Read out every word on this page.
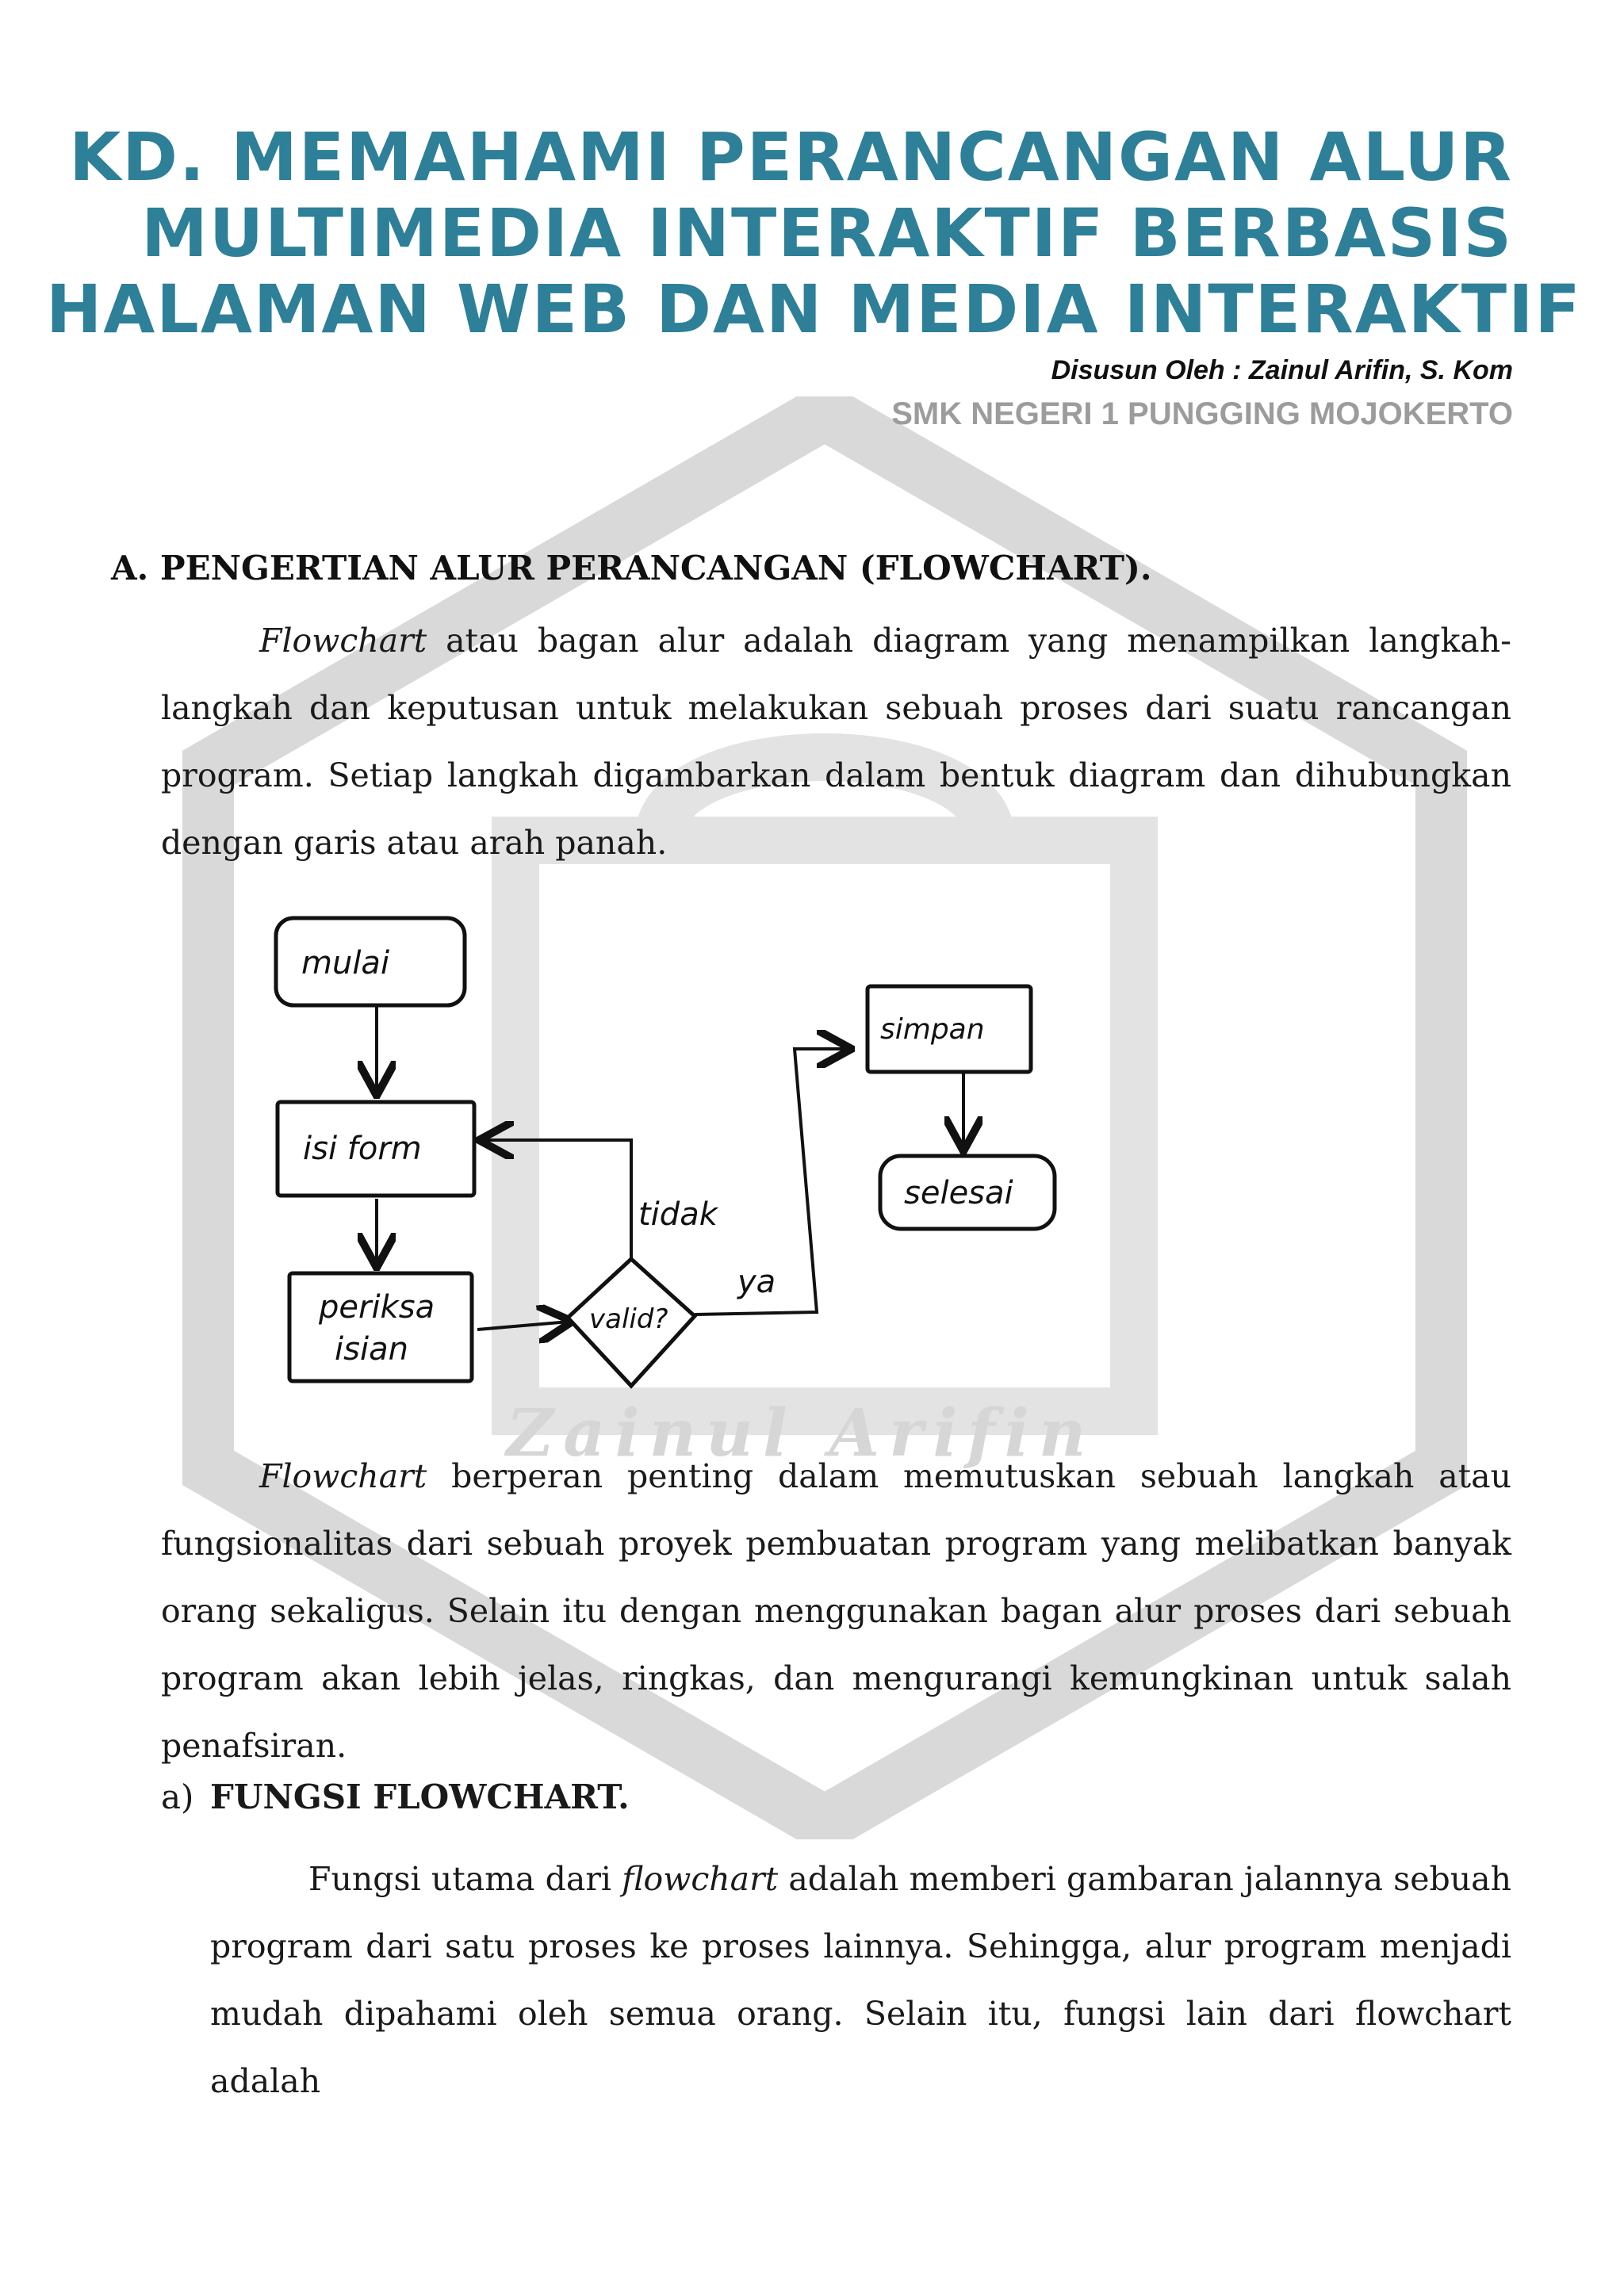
Zainul Arifin
KD. MEMAHAMI PERANCANGAN ALUR
MULTIMEDIA INTERAKTIF BERBASIS
HALAMAN WEB DAN MEDIA INTERAKTIF
Disusun Oleh : Zainul Arifin, S. Kom
SMK NEGERI 1 PUNGGING MOJOKERTO
A. PENGERTIAN ALUR PERANCANGAN (FLOWCHART).

Flowchart atau bagan alur adalah diagram yang menampilkan langkah-langkah dan keputusan untuk melakukan sebuah proses dari suatu rancangan program. Setiap langkah digambarkan dalam bentuk diagram dan dihubungkan dengan garis atau arah panah.

mulai
isi form
periksa
isian
valid?
simpan
selesai
tidak
ya

Flowchart berperan penting dalam memutuskan sebuah langkah atau fungsionalitas dari sebuah proyek pembuatan program yang melibatkan banyak orang sekaligus. Selain itu dengan menggunakan bagan alur proses dari sebuah program akan lebih jelas, ringkas, dan mengurangi kemungkinan untuk salah penafsiran.

a) FUNGSI FLOWCHART.

Fungsi utama dari flowchart adalah memberi gambaran jalannya sebuah program dari satu proses ke proses lainnya. Sehingga, alur program menjadi mudah dipahami oleh semua orang. Selain itu, fungsi lain dari flowchart adalah
